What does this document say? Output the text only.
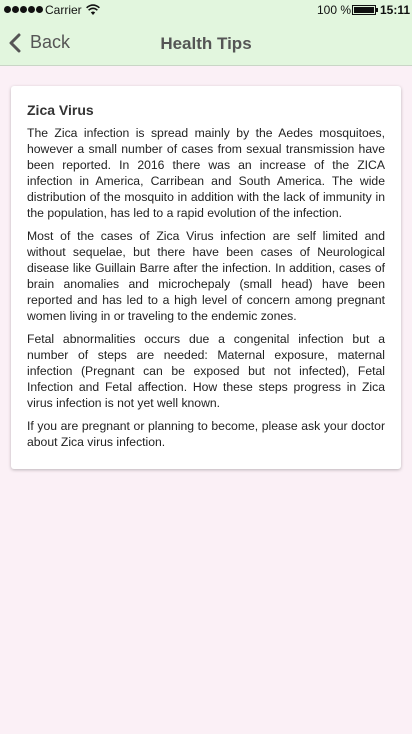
Carrier	100 % 15:11
Back	Health Tips
Zica Virus

The Zica infection is spread mainly by the Aedes mosquitoes, however a small number of cases from sexual transmission have been reported. In 2016 there was an increase of the ZICA infection in America, Carribean and South America. The wide distribution of the mosquito in addition with the lack of immunity in the population, has led to a rapid evolution of the infection.

Most of the cases of Zica Virus infection are self limited and without sequelae, but there have been cases of Neurological disease like Guillain Barre after the infection. In addition, cases of brain anomalies and microchepaly (small head) have been reported and has led to a high level of concern among pregnant women living in or traveling to the endemic zones.

Fetal abnormalities occurs due a congenital infection but a number of steps are needed: Maternal exposure, maternal infection (Pregnant can be exposed but not infected), Fetal Infection and Fetal affection. How these steps progress in Zica virus infection is not yet well known.

If you are pregnant or planning to become, please ask your doctor about Zica virus infection.
